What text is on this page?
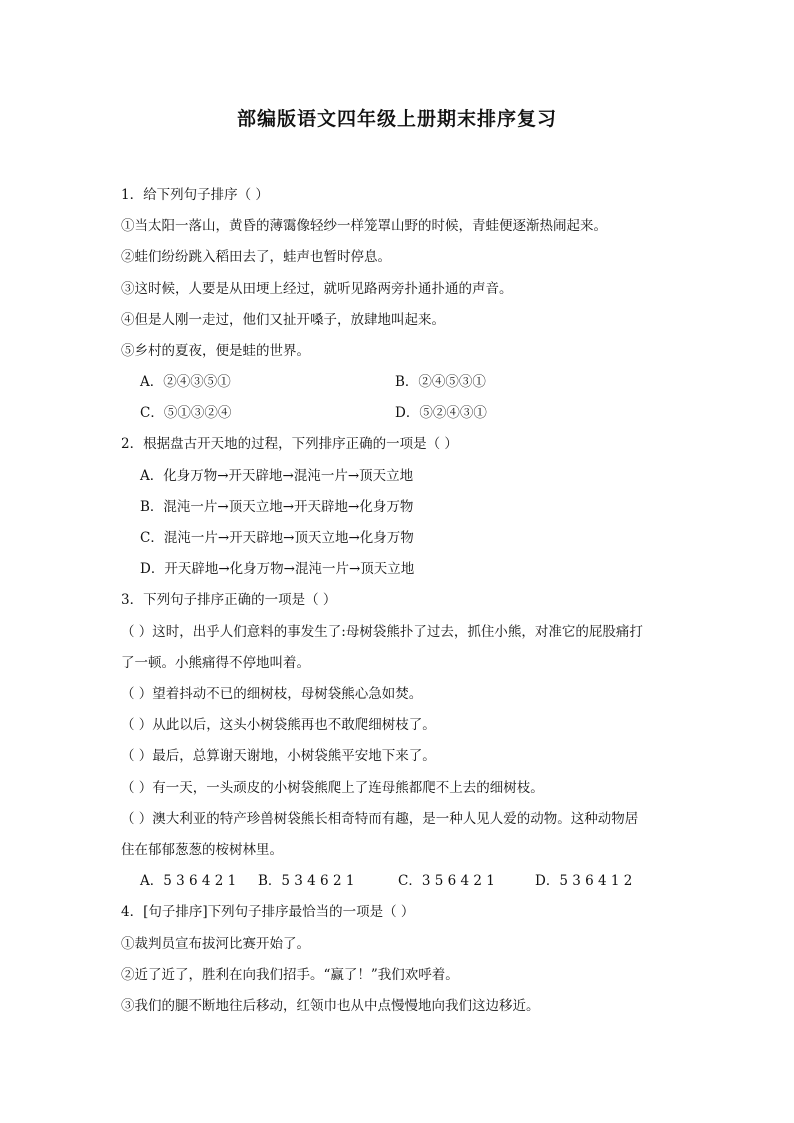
部编版语文四年级上册期末排序复习
1．给下列句子排序（ ）
①当太阳一落山，黄昏的薄霭像轻纱一样笼罩山野的时候，青蛙便逐渐热闹起来。
②蛙们纷纷跳入稻田去了，蛙声也暂时停息。
③这时候，人要是从田埂上经过，就听见路两旁扑通扑通的声音。
④但是人刚一走过，他们又扯开嗓子，放肆地叫起来。
⑤乡村的夏夜，便是蛙的世界。
A．②④③⑤①	B．②④⑤③①
C．⑤①③②④	D．⑤②④③①
2．根据盘古开天地的过程，下列排序正确的一项是（ ）
A．化身万物→开天辟地→混沌一片→顶天立地
B．混沌一片→顶天立地→开天辟地→化身万物
C．混沌一片→开天辟地→顶天立地→化身万物
D．开天辟地→化身万物→混沌一片→顶天立地
3．下列句子排序正确的一项是（ ）
（ ）这时，出乎人们意料的事发生了:母树袋熊扑了过去，抓住小熊，对准它的屁股痛打
了一顿。小熊痛得不停地叫着。
（ ）望着抖动不已的细树枝，母树袋熊心急如焚。
（ ）从此以后，这头小树袋熊再也不敢爬细树枝了。
（ ）最后，总算谢天谢地，小树袋熊平安地下来了。
（ ）有一天，一头顽皮的小树袋熊爬上了连母熊都爬不上去的细树枝。
（ ）澳大利亚的特产珍兽树袋熊长相奇特而有趣，是一种人见人爱的动物。这种动物居
住在郁郁葱葱的桉树林里。
A．5 3 6 4 2 1 B．5 3 4 6 2 1	C．3 5 6 4 2 1	D．5 3 6 4 1 2
4．[句子排序]下列句子排序最恰当的一项是（ ）
①裁判员宣布拔河比赛开始了。
②近了近了，胜利在向我们招手。“赢了！”我们欢呼着。
③我们的腿不断地往后移动，红领巾也从中点慢慢地向我们这边移近。
